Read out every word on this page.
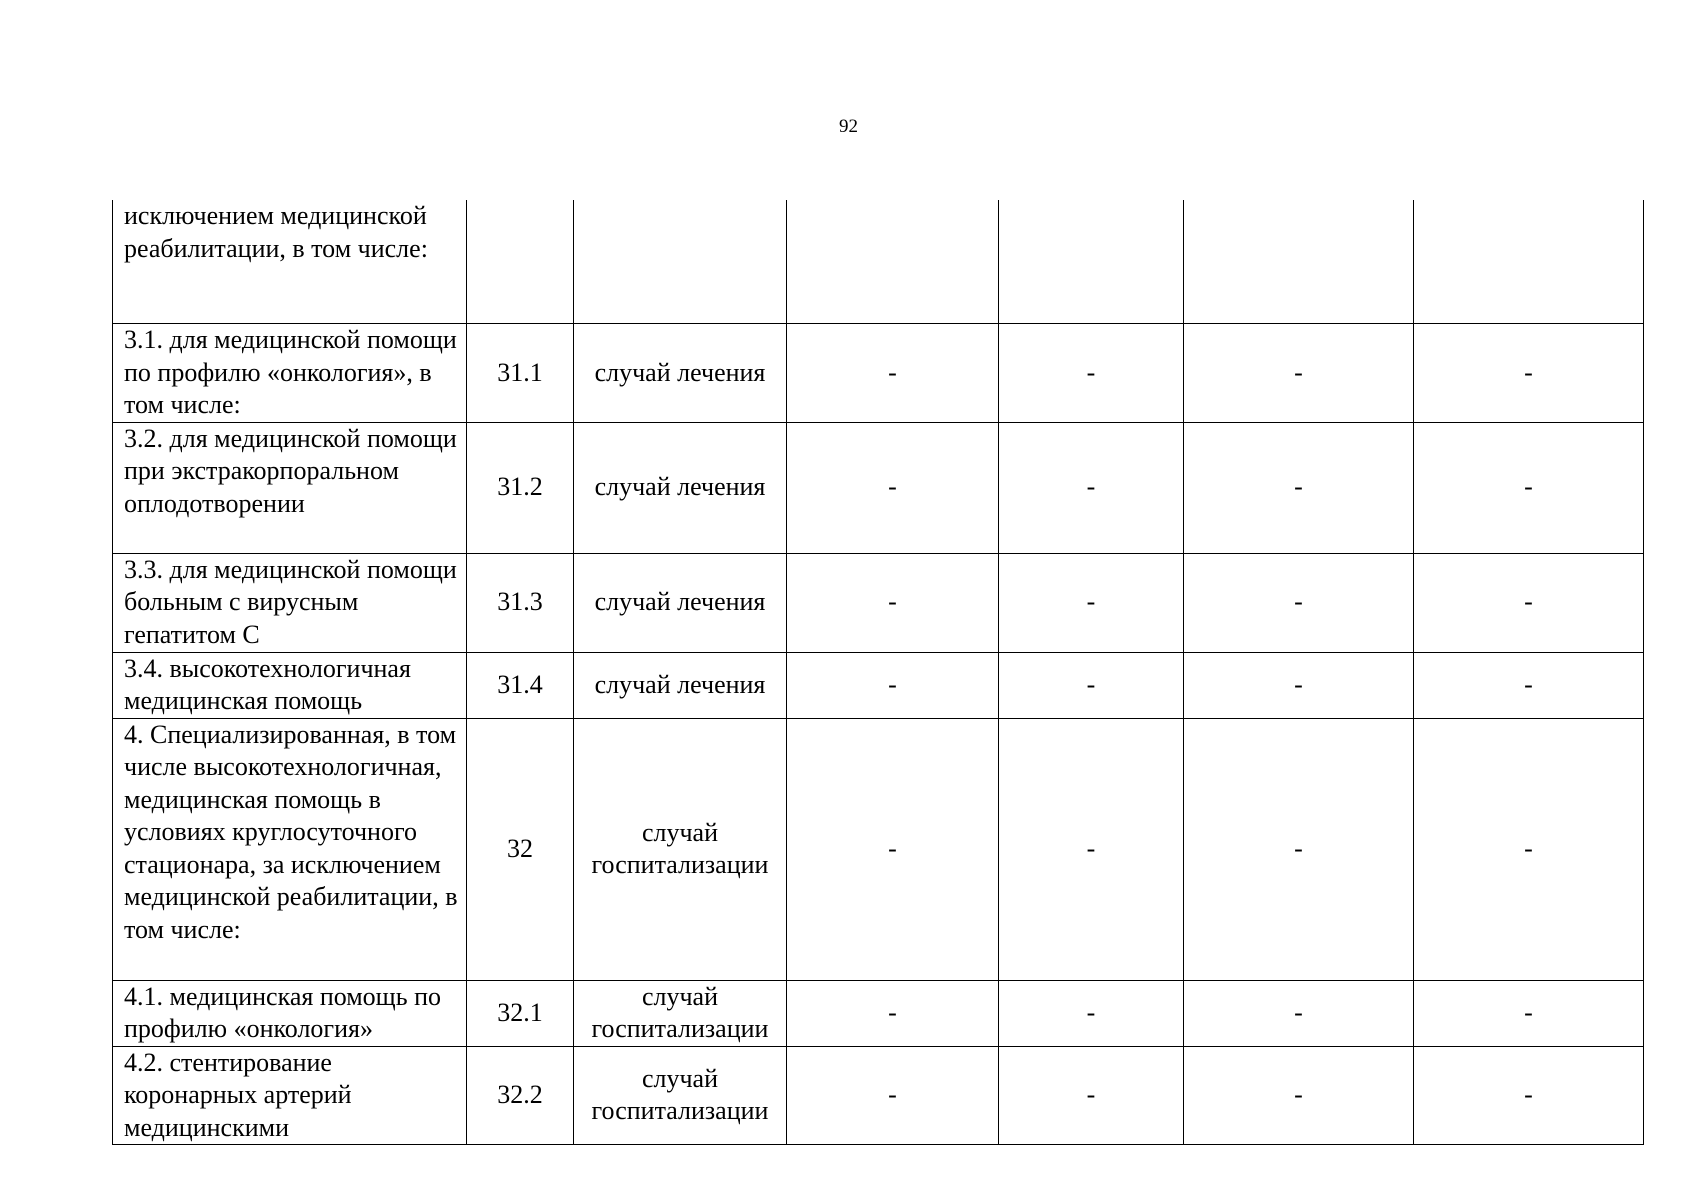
92
исключением медицинской реабилитации, в том числе:						
3.1. для медицинской помощи по профилю «онкология», в том числе:	31.1	случай лечения	-	-	-	-
3.2. для медицинской помощи при экстракорпоральном оплодотворении	31.2	случай лечения	-	-	-	-
3.3. для медицинской помощи больным с вирусным гепатитом С	31.3	случай лечения	-	-	-	-
3.4. высокотехнологичная медицинская помощь	31.4	случай лечения	-	-	-	-
4. Специализированная, в том числе высокотехнологичная, медицинская помощь в условиях круглосуточного стационара, за исключением медицинской реабилитации, в том числе:	32	случай госпитализации	-	-	-	-
4.1. медицинская помощь по профилю «онкология»	32.1	случай госпитализации	-	-	-	-
4.2. стентирование коронарных артерий медицинскими	32.2	случай госпитализации	-	-	-	-
